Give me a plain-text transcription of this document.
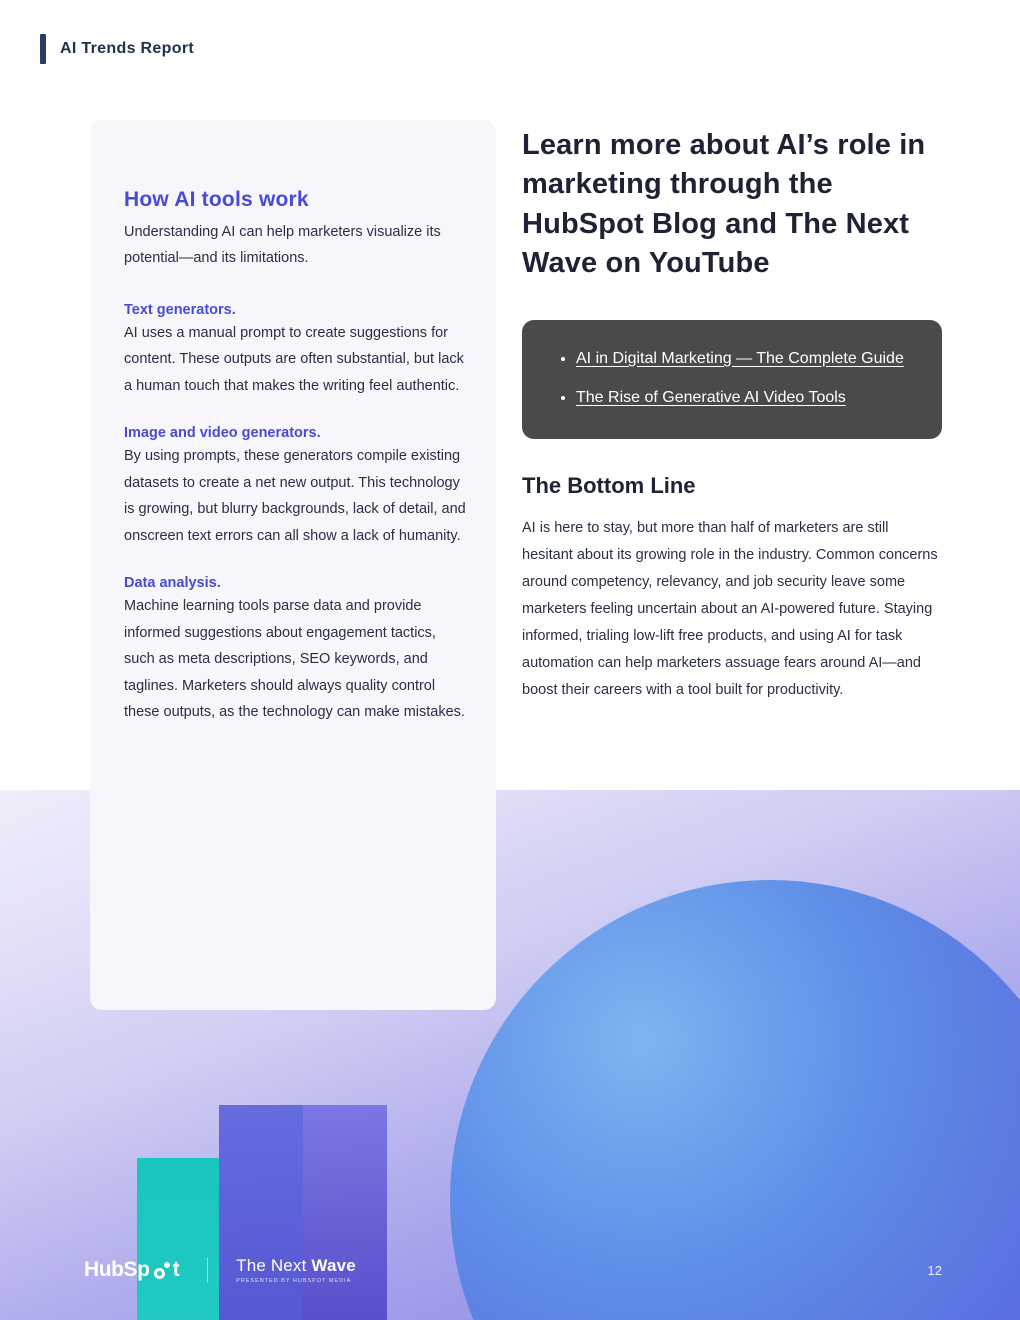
AI Trends Report
How AI tools work

Understanding AI can help marketers visualize its potential—and its limitations.

Text generators.

AI uses a manual prompt to create suggestions for content. These outputs are often substantial, but lack a human touch that makes the writing feel authentic.

Image and video generators.

By using prompts, these generators compile existing datasets to create a net new output. This technology is growing, but blurry backgrounds, lack of detail, and onscreen text errors can all show a lack of humanity.

Data analysis.

Machine learning tools parse data and provide informed suggestions about engagement tactics, such as meta descriptions, SEO keywords, and taglines. Marketers should always quality control these outputs, as the technology can make mistakes.

Learn more about AI’s role in marketing through the HubSpot Blog and The Next Wave on YouTube
• AI in Digital Marketing — The Complete Guide
• The Rise of Generative AI Video Tools
The Bottom Line

AI is here to stay, but more than half of marketers are still hesitant about its growing role in the industry. Common concerns around competency, relevancy, and job security leave some marketers feeling uncertain about an AI-powered future. Staying informed, trialing low-lift free products, and using AI for task automation can help marketers assuage fears around AI—and boost their careers with a tool built for productivity.

HubSp t	The Next Wave
PRESENTED BY HUBSPOT MEDIA
12
